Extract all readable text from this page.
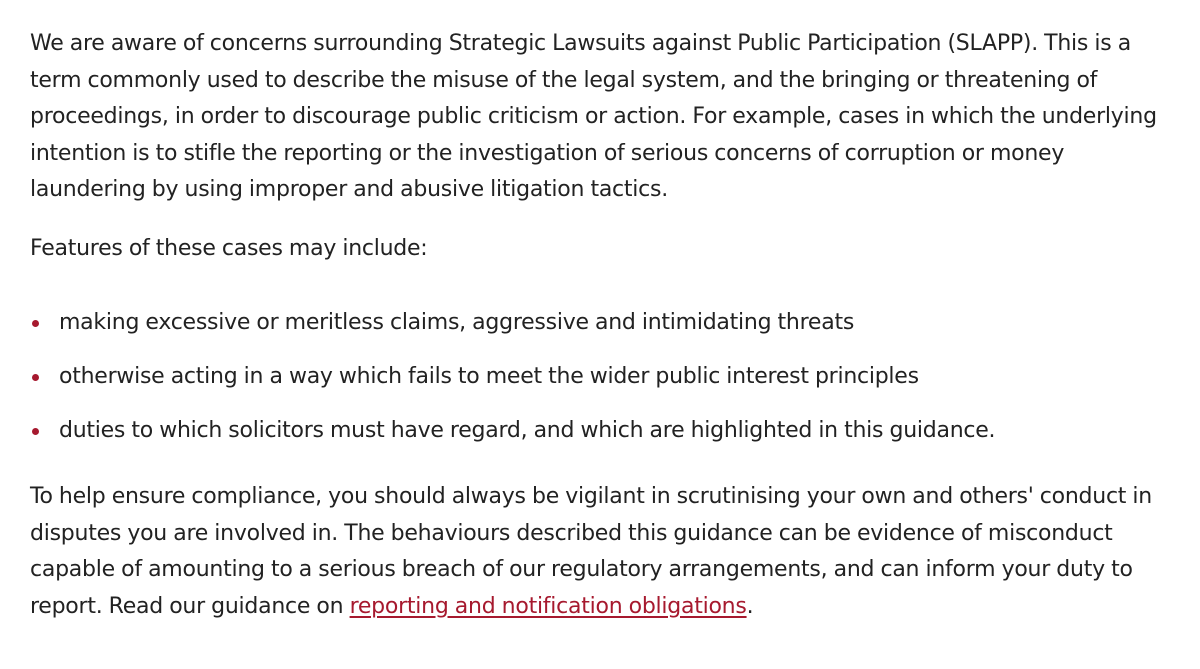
We are aware of concerns surrounding Strategic Lawsuits against Public Participation (SLAPP). This is a term commonly used to describe the misuse of the legal system, and the bringing or threatening of proceedings, in order to discourage public criticism or action. For example, cases in which the underlying intention is to stifle the reporting or the investigation of serious concerns of corruption or money laundering by using improper and abusive litigation tactics.

Features of these cases may include:

making excessive or meritless claims, aggressive and intimidating threats
otherwise acting in a way which fails to meet the wider public interest principles
duties to which solicitors must have regard, and which are highlighted in this guidance.

To help ensure compliance, you should always be vigilant in scrutinising your own and others' conduct in disputes you are involved in. The behaviours described this guidance can be evidence of misconduct capable of amounting to a serious breach of our regulatory arrangements, and can inform your duty to report. Read our guidance on reporting and notification obligations.
